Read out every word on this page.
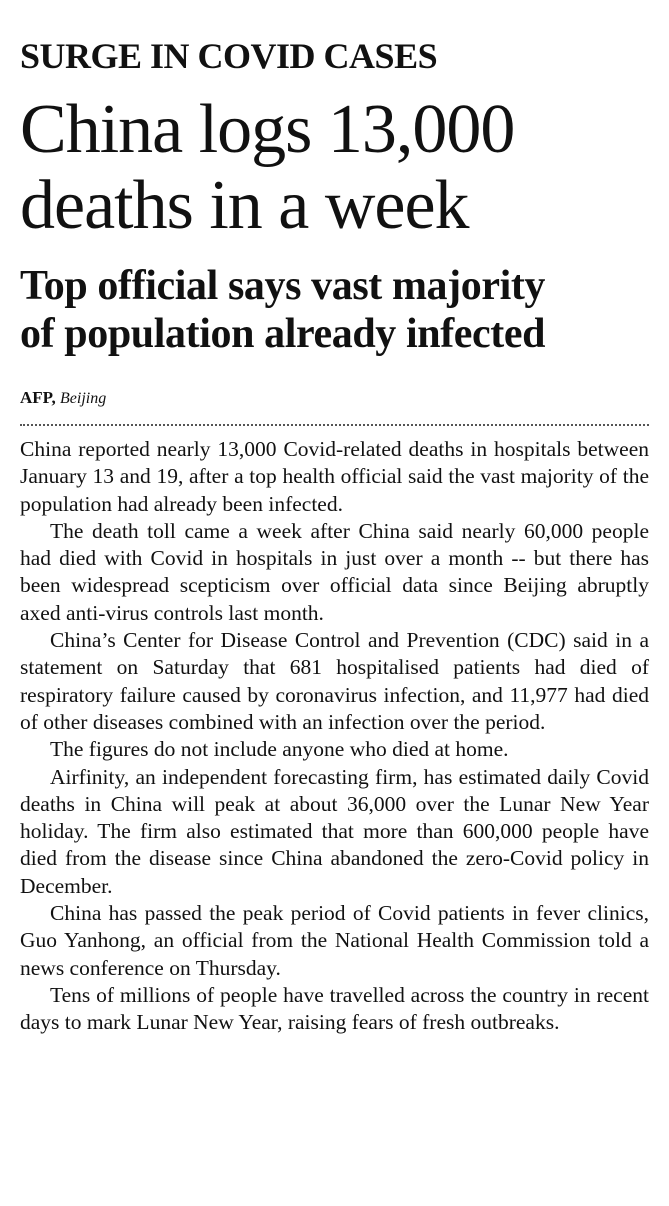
SURGE IN COVID CASES
China logs 13,000
deaths in a week
Top official says vast majority
of population already infected
AFP, Beijing

China reported nearly 13,000 Covid-related deaths in hospitals between January 13 and 19, after a top health official said the vast majority of the population had already been infected.

The death toll came a week after China said nearly 60,000 people had died with Covid in hospitals in just over a month -- but there has been widespread scepticism over official data since Beijing abruptly axed anti-virus controls last month.

China’s Center for Disease Control and Prevention (CDC) said in a statement on Saturday that 681 hospitalised patients had died of respiratory failure caused by coronavirus infection, and 11,977 had died of other diseases combined with an infection over the period.

The figures do not include anyone who died at home.

Airfinity, an independent forecasting firm, has estimated daily Covid deaths in China will peak at about 36,000 over the Lunar New Year holiday. The firm also estimated that more than 600,000 people have died from the disease since China abandoned the zero-Covid policy in December.

China has passed the peak period of Covid patients in fever clinics, Guo Yanhong, an official from the National Health Commission told a news conference on Thursday.

Tens of millions of people have travelled across the country in recent days to mark Lunar New Year, raising fears of fresh outbreaks.
